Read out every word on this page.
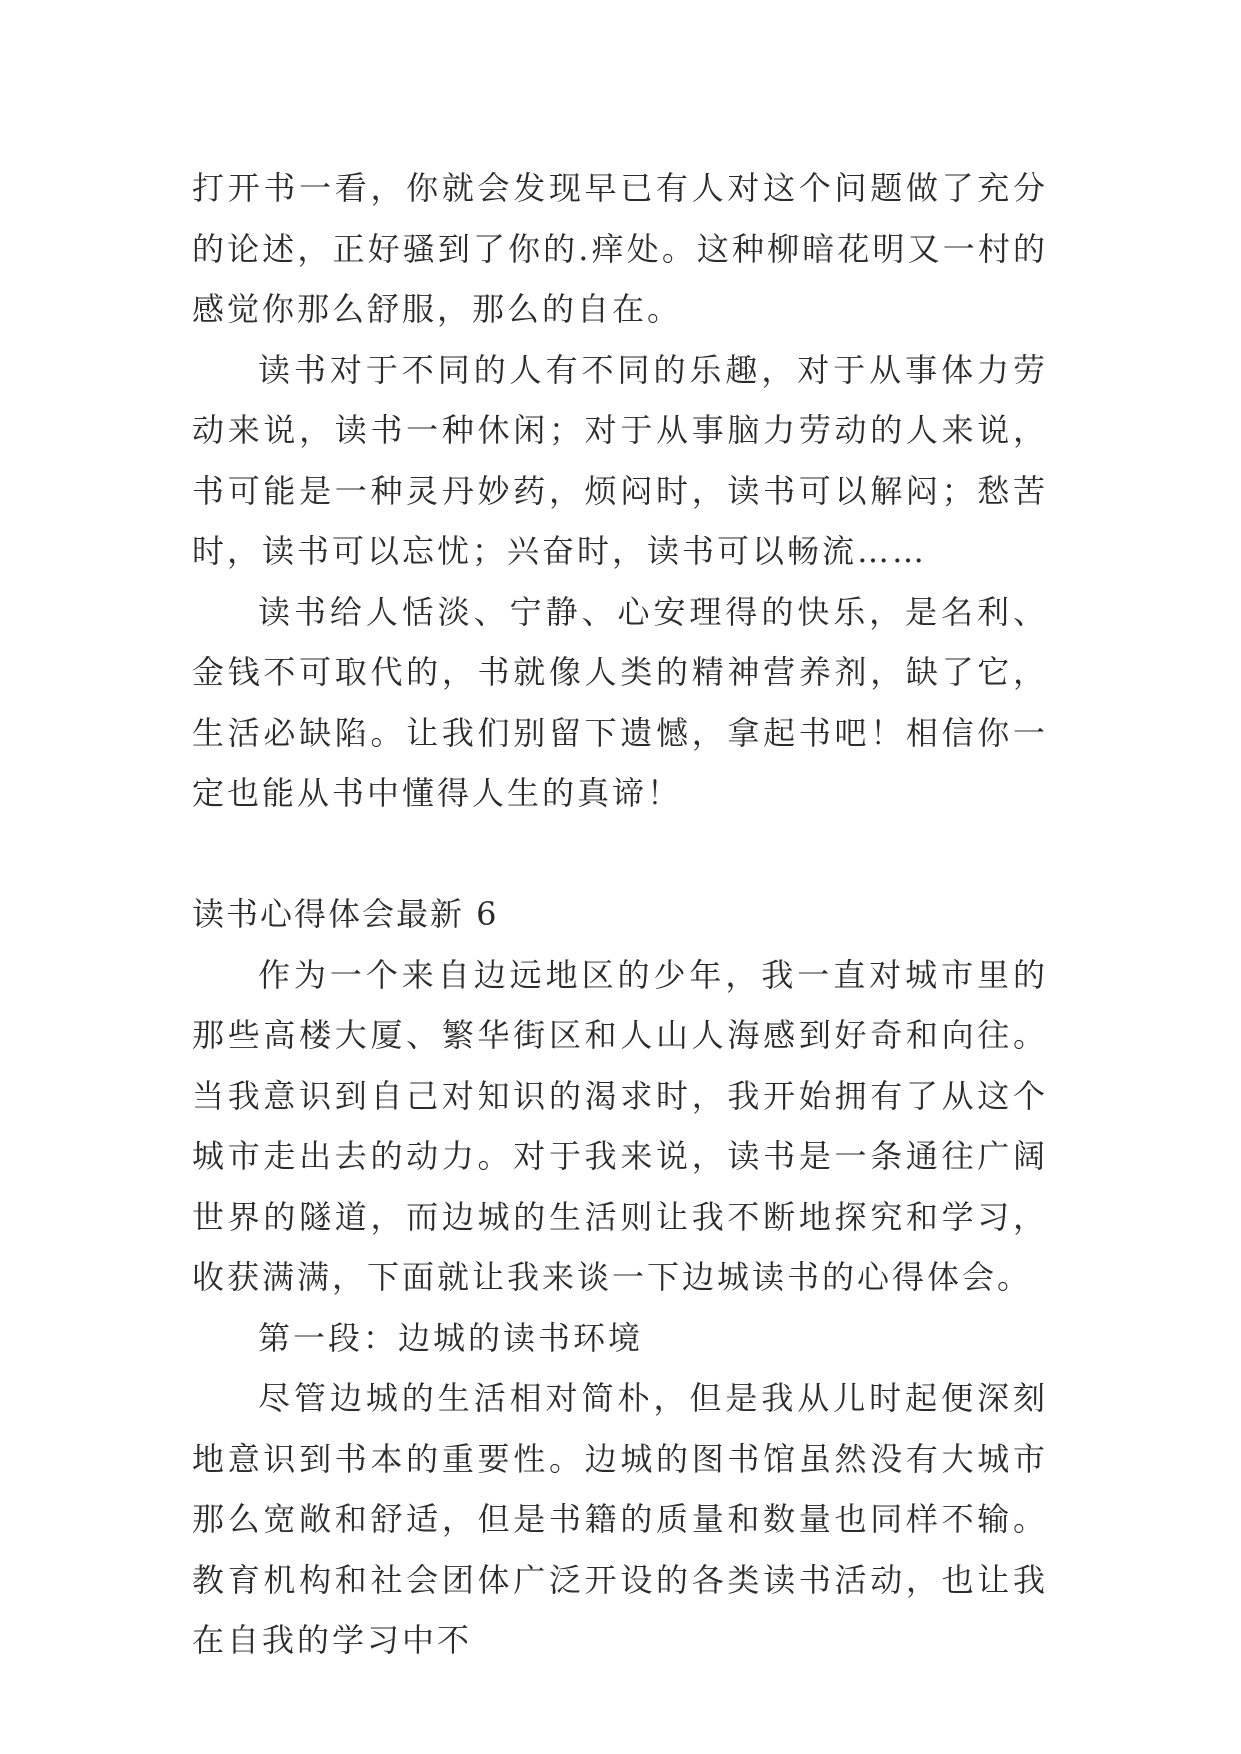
打开书一看，你就会发现早已有人对这个问题做了充分的论述，正好骚到了你的.痒处。这种柳暗花明又一村的感觉你那么舒服，那么的自在。

读书对于不同的人有不同的乐趣，对于从事体力劳动来说，读书一种休闲；对于从事脑力劳动的人来说，书可能是一种灵丹妙药，烦闷时，读书可以解闷；愁苦时，读书可以忘忧；兴奋时，读书可以畅流……

读书给人恬淡、宁静、心安理得的快乐，是名利、金钱不可取代的，书就像人类的精神营养剂，缺了它，生活必缺陷。让我们别留下遗憾，拿起书吧！相信你一定也能从书中懂得人生的真谛！

读书心得体会最新 6

作为一个来自边远地区的少年，我一直对城市里的那些高楼大厦、繁华街区和人山人海感到好奇和向往。当我意识到自己对知识的渴求时，我开始拥有了从这个城市走出去的动力。对于我来说，读书是一条通往广阔世界的隧道，而边城的生活则让我不断地探究和学习，收获满满，下面就让我来谈一下边城读书的心得体会。

第一段：边城的读书环境

尽管边城的生活相对简朴，但是我从儿时起便深刻地意识到书本的重要性。边城的图书馆虽然没有大城市那么宽敞和舒适，但是书籍的质量和数量也同样不输。教育机构和社会团体广泛开设的各类读书活动，也让我在自我的学习中不
